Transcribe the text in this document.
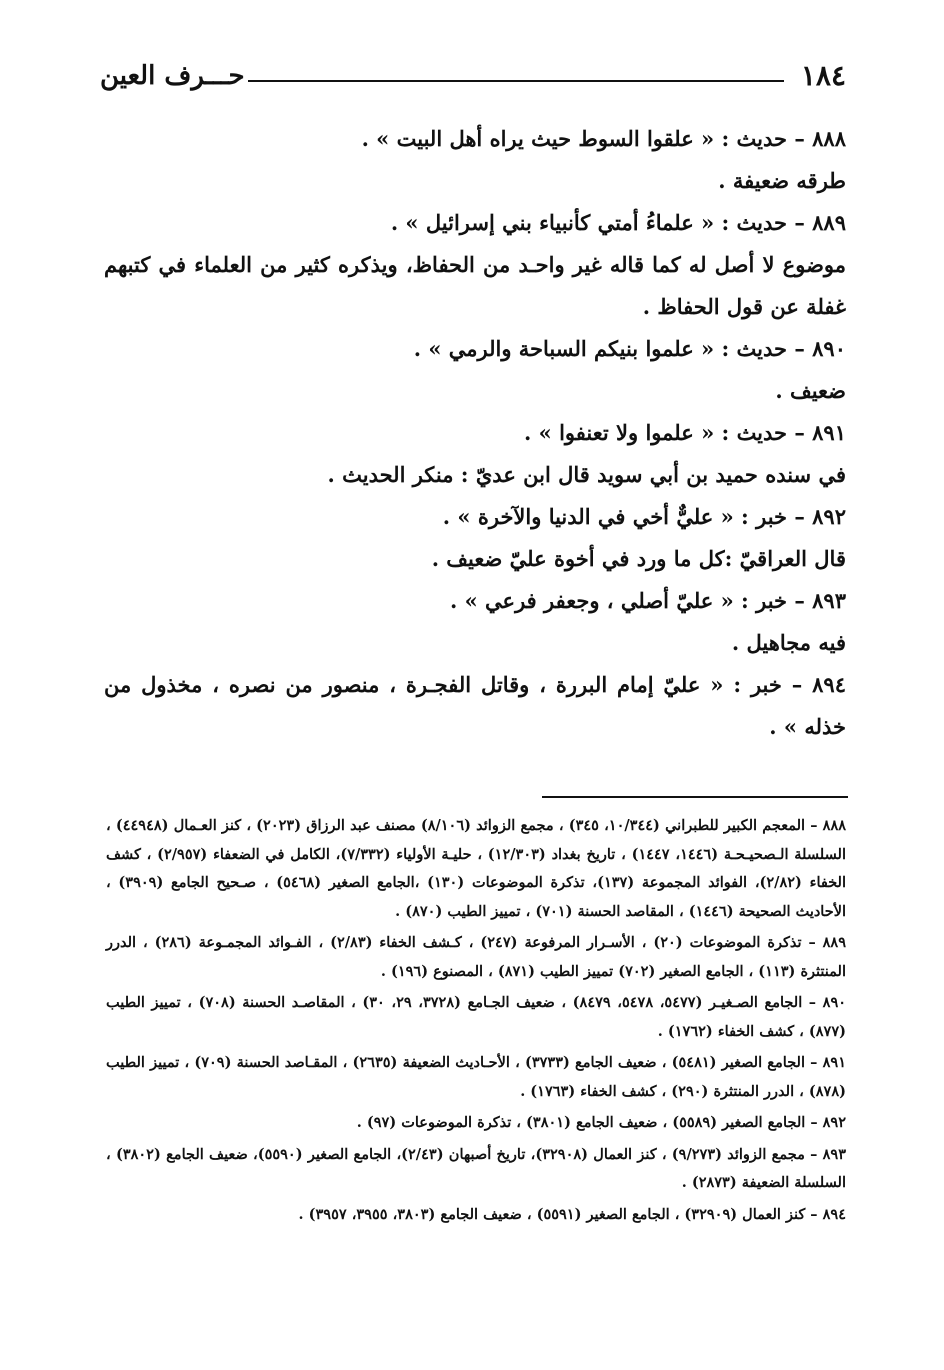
١٨٤
حـــرف العين

٨٨٨ – حديث : « علقوا السوط حيث يراه أهل البيت » .

طرقه ضعيفة .

٨٨٩ – حديث : « علماءُ أمتي كأنبياء بني إسرائيل » .

موضوع لا أصل له كما قاله غير واحـد من الحفاظ، ويذكره كثير من العلماء في كتبهم غفلة عن قول الحفاظ .

٨٩٠ – حديث : « علموا بنيكم السباحة والرمي » .

ضعيف .

٨٩١ – حديث : « علموا ولا تعنفوا » .

في سنده حميد بن أبي سويد قال ابن عديّ : منكر الحديث .

٨٩٢ – خبر : « عليٌّ أخي في الدنيا والآخرة » .

قال العراقيّ :كل ما ورد في أخوة عليّ ضعيف .

٨٩٣ – خبر : « عليّ أصلي ، وجعفر فرعي » .

فيه مجاهيل .

٨٩٤ – خبر : « عليّ إمام البررة ، وقاتل الفجـرة ، منصور من نصره ، مخذول من خذله » .

٨٨٨ – المعجم الكبير للطبراني (١٠/٣٤٤، ٣٤٥) ، مجمع الزوائد (٨/١٠٦) مصنف عبد الرزاق (٢٠٢٣) ، كنز العـمال (٤٤٩٤٨) ، السلسلة الـصحيـحـة (١٤٤٦، ١٤٤٧) ، تاريخ بغداد (١٢/٣٠٣) ، حليـة الأولياء (٧/٣٣٢)، الكامل في الضعفاء (٢/٩٥٧) ، كشف الخفاء (٢/٨٢)، الفوائد المجموعة (١٣٧)، تذكرة الموضوعات (١٣٠) ،الجامع الصغير (٥٤٦٨) ، صـحيح الجامع (٣٩٠٩) ، الأحاديث الصحيحة (١٤٤٦) ، المقاصد الحسنة (٧٠١) ، تمييز الطيب (٨٧٠) .

٨٨٩ – تذكرة الموضوعات (٢٠) ، الأسـرار المرفوعة (٢٤٧) ، كـشف الخفاء (٢/٨٣) ، الفـوائد المجمـوعة (٢٨٦) ، الدرر المنتثرة (١١٣) ، الجامع الصغير (٧٠٢) تمييز الطيب (٨٧١) ، المصنوع (١٩٦) .

٨٩٠ – الجامع الصـغيـر (٥٤٧٧، ٥٤٧٨، ٨٤٧٩) ، ضعيف الجـامع (٣٧٢٨، ٢٩، ٣٠) ، المقاصـد الحسنة (٧٠٨) ، تمييز الطيب (٨٧٧) ، كشف الخفاء (١٧٦٢) .

٨٩١ – الجامع الصغير (٥٤٨١) ، ضعيف الجامع (٣٧٣٣) ، الأحـاديث الضعيفة (٢٦٣٥) ، المقـاصد الحسنة (٧٠٩) ، تمييز الطيب (٨٧٨) ، الدرر المنتثرة (٢٩٠) ، كشف الخفاء (١٧٦٣) .

٨٩٢ – الجامع الصغير (٥٥٨٩) ، ضعيف الجامع (٣٨٠١) ، تذكرة الموضوعات (٩٧) .

٨٩٣ – مجمع الزوائد (٩/٢٧٣) ، كنز العمال (٣٢٩٠٨)، تاريخ أصبهان (٢/٤٣)، الجامع الصغير (٥٥٩٠)، ضعيف الجامع (٣٨٠٢) ، السلسلة الضعيفة (٢٨٧٣) .

٨٩٤ – كنز العمال (٣٢٩٠٩) ، الجامع الصغير (٥٥٩١) ، ضعيف الجامع (٣٨٠٣، ٣٩٥٥، ٣٩٥٧) .
